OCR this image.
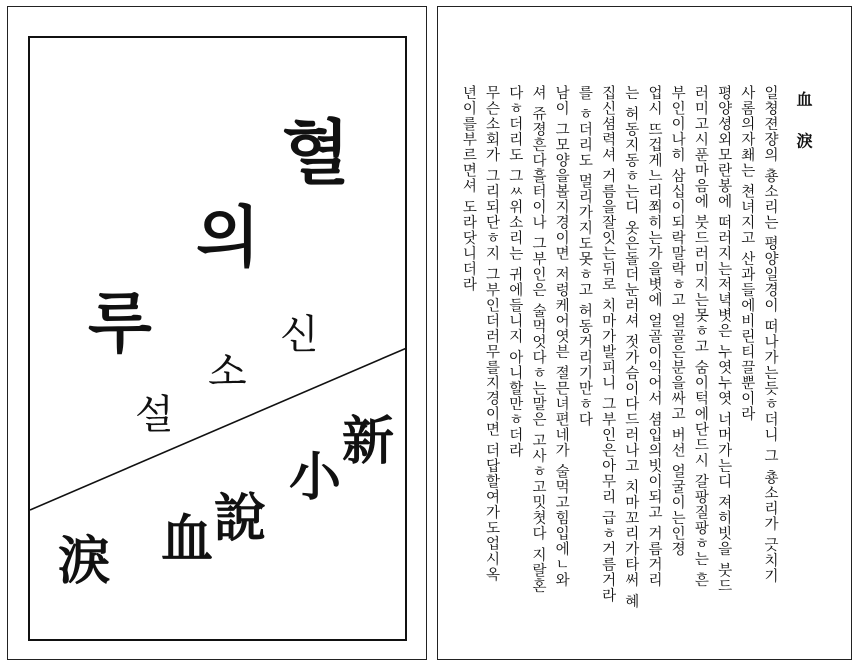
혈
의
루	신
소
설	新
小
說
血
淚
血 淚

일쳥젼쟝의 춍소리는 평양일경이 떠나가는듯ㅎ더니 그 춍소리가 긋치기
사롬의자쵀는 쳔녀지고 산과들에비린티끌뿐이라
평양셩외모란봉에 떠러지는저녁볏은 누엿누엿 너머가는디 져히빗을 붓드
러미고시푼마음에 붓드러미지는못ㅎ고 숨이턱에단드시 갈팡질팡ㅎ는 흔
부인이나히 삼십이되락말락ㅎ고 얼골은분을싸고 버선 얼굴이는인졍
업시 뜨겁게느리쬐히는가을볏에 얼골이익어서 셤입의빗이되고 거름거리
는 허동지동ㅎ는디 옷은돌더눈러셔 젓가슴이다드러나고 치마꼬리가타써 혜
집신셤력셔 거름을잘잇는뒤로 치마가발피니 그부인은아무리 급ㅎ거름거라
를 ㅎ더리도 멀리가지도못ㅎ고 허동거리기만ㅎ다
남이 그모양을볼지경이면 저렁케어엿븐 졀믄녀편네가 술먹고힘입에ㄴ와
셔 쥬졍흔다흘터이나 그부인은 술먹엇다ㅎ는말은 고사ㅎ고밋쳣다 지랄혼
다ㅎ더리도 그ㅆ위소리는 귀에들니지 아니할만ㅎ더라
무슨소회가 그리되단ㅎ지 그부인더러무를지경이면 더답할여가도업시옥
년이를부르면셔 도라닷니더라
